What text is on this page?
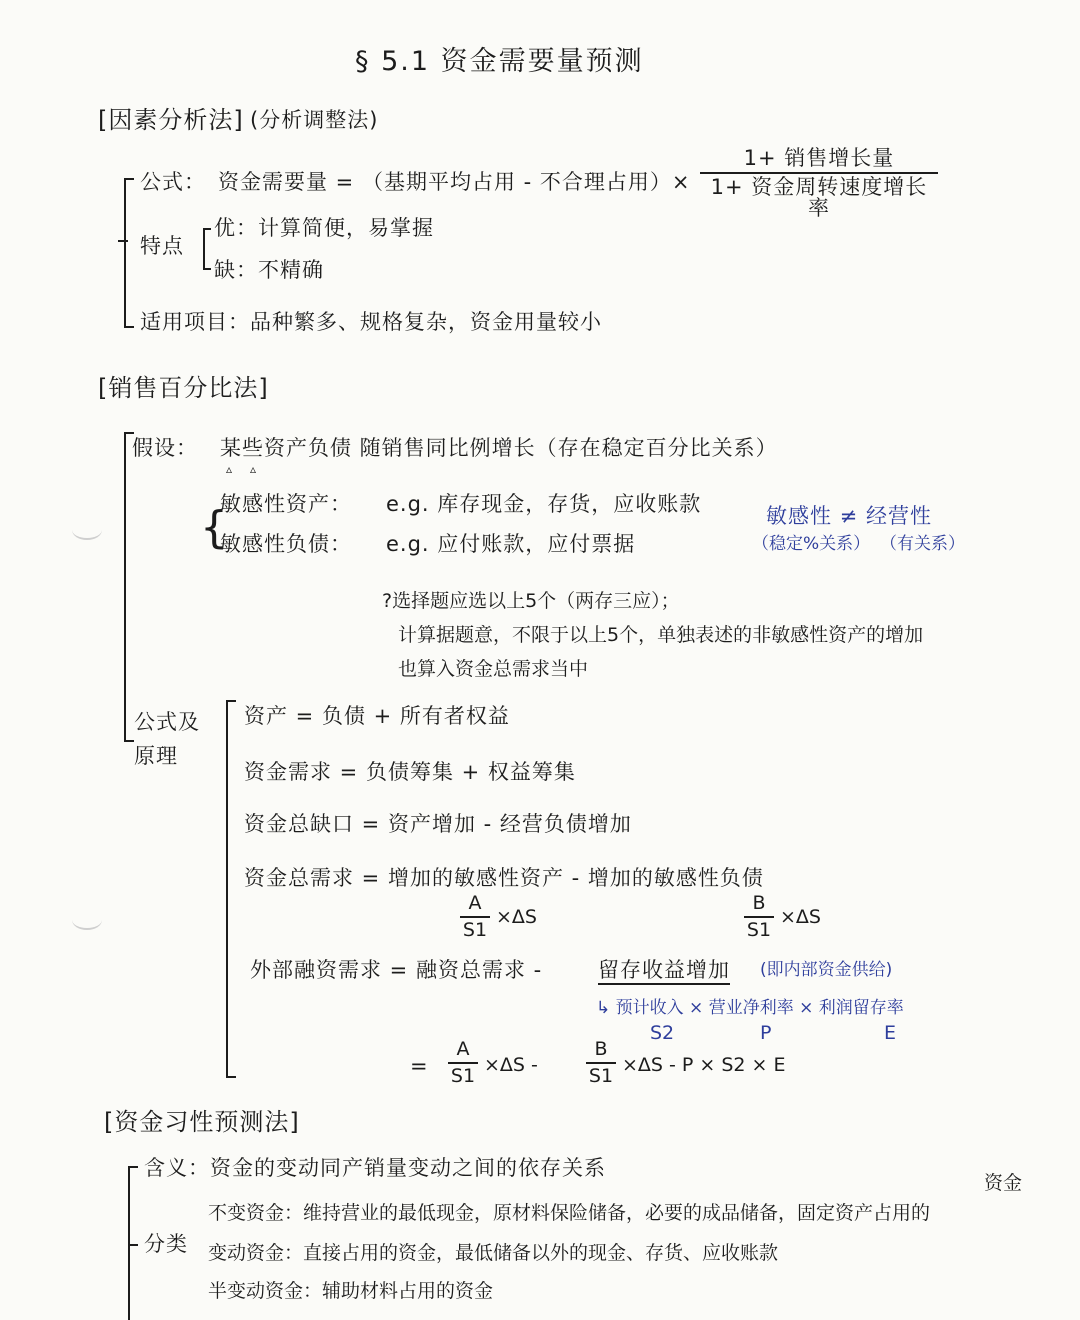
§ 5.1 资金需要量预测
[因素分析法] (分析调整法)
公式： 资金需要量 = （基期平均占用 - 不合理占用）×
1+ 销售增长量
1+ 资金周转速度增长率
特点
优：计算简便，易掌握
缺：不精确
适用项目：品种繁多、规格复杂，资金用量较小
[销售百分比法]
假设： 某些资产负债 随销售同比例增长（存在稳定百分比关系）
▵ ▵
{
敏感性资产： e.g. 库存现金，存货，应收账款
敏感性负债： e.g. 应付账款，应付票据
敏感性 ≠ 经营性
（稳定%关系） （有关系）
?选择题应选以上5个（两存三应）；
计算据题意，不限于以上5个，单独表述的非敏感性资产的增加
也算入资金总需求当中
公式及
原理
资产 = 负债 + 所有者权益
资金需求 = 负债筹集 + 权益筹集
资金总缺口 = 资产增加 - 经营负债增加
资金总需求 = 增加的敏感性资产 - 增加的敏感性负债
A
S1
×ΔS
B
S1
×ΔS
外部融资需求 = 融资总需求 -	留存收益增加 (即内部资金供给)
↳ 预计收入 × 营业净利率 × 利润留存率
S2	P	E
=
A
S1 ×ΔS -
B
S1 ×ΔS - P × S2 × E
[资金习性预测法]
含义：资金的变动同产销量变动之间的依存关系
资金
分类
不变资金：维持营业的最低现金，原材料保险储备，必要的成品储备，固定资产占用的
变动资金：直接占用的资金，最低储备以外的现金、存货、应收账款
半变动资金：辅助材料占用的资金
